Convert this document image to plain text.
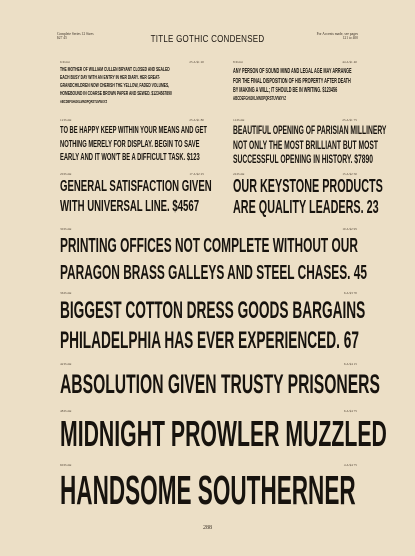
Complete Series 12 Sizes
$27 45	TITLE GOTHIC CONDENSED	For Accents made, see pages
121 to 400
6 Point	25 A $1 20
THE MOTHER OF WILLIAM CULLEN BRYANT CLOSED AND SEALED
EACH BUSY DAY WITH AN ENTRY IN HER DIARY. HER GREAT-
GRANDCHILDREN NOW CHERISH THE YELLOW, FADED VOLUMES,
HOMEBOUND IN COARSE BROWN PAPER AND SEWED. $1234567890
ABCDEFGHIJKLMNOPQRSTUVWXYZ
8 Point	44 A $1 40
ANY PERSON OF SOUND MIND AND LEGAL AGE MAY ARRANGE
FOR THE FINAL DISPOSITION OF HIS PROPERTY AFTER DEATH
BY MAKING A WILL; IT SHOULD BE IN WRITING. $123456
ABCDEFGHIJKLMNOPQRSTUVWXYZ
12 Point	25 A $1 80
TO BE HAPPY KEEP WITHIN YOUR MEANS AND GET
NOTHING MERELY FOR DISPLAY. BEGIN TO SAVE
EARLY AND IT WON'T BE A DIFFICULT TASK. $123
14 Point	25 A $1 75
BEAUTIFUL OPENING OF PARISIAN MILLINERY
NOT ONLY THE MOST BRILLIANT BUT MOST
SUCCESSFUL OPENING IN HISTORY. $7890
20 Point	17 A $2 25
GENERAL SATISFACTION GIVEN
WITH UNIVERSAL LINE. $4567
24 Point	15 A $2 50
OUR KEYSTONE PRODUCTS
ARE QUALITY LEADERS. 23
30 Point	10 A $2 95
PRINTING OFFICES NOT COMPLETE WITHOUT OUR
PARAGON BRASS GALLEYS AND STEEL CHASES. 45
36 Point	6 A $3 70
BIGGEST COTTON DRESS GOODS BARGAINS
PHILADELPHIA HAS EVER EXPERIENCED. 67
42 Point	6 A $4 15
ABSOLUTION GIVEN TRUSTY PRISONERS
48 Point	6 A $4 75
MIDNIGHT PROWLER MUZZLED
60 Point	4 A $4 75
HANDSOME SOUTHERNER
288
